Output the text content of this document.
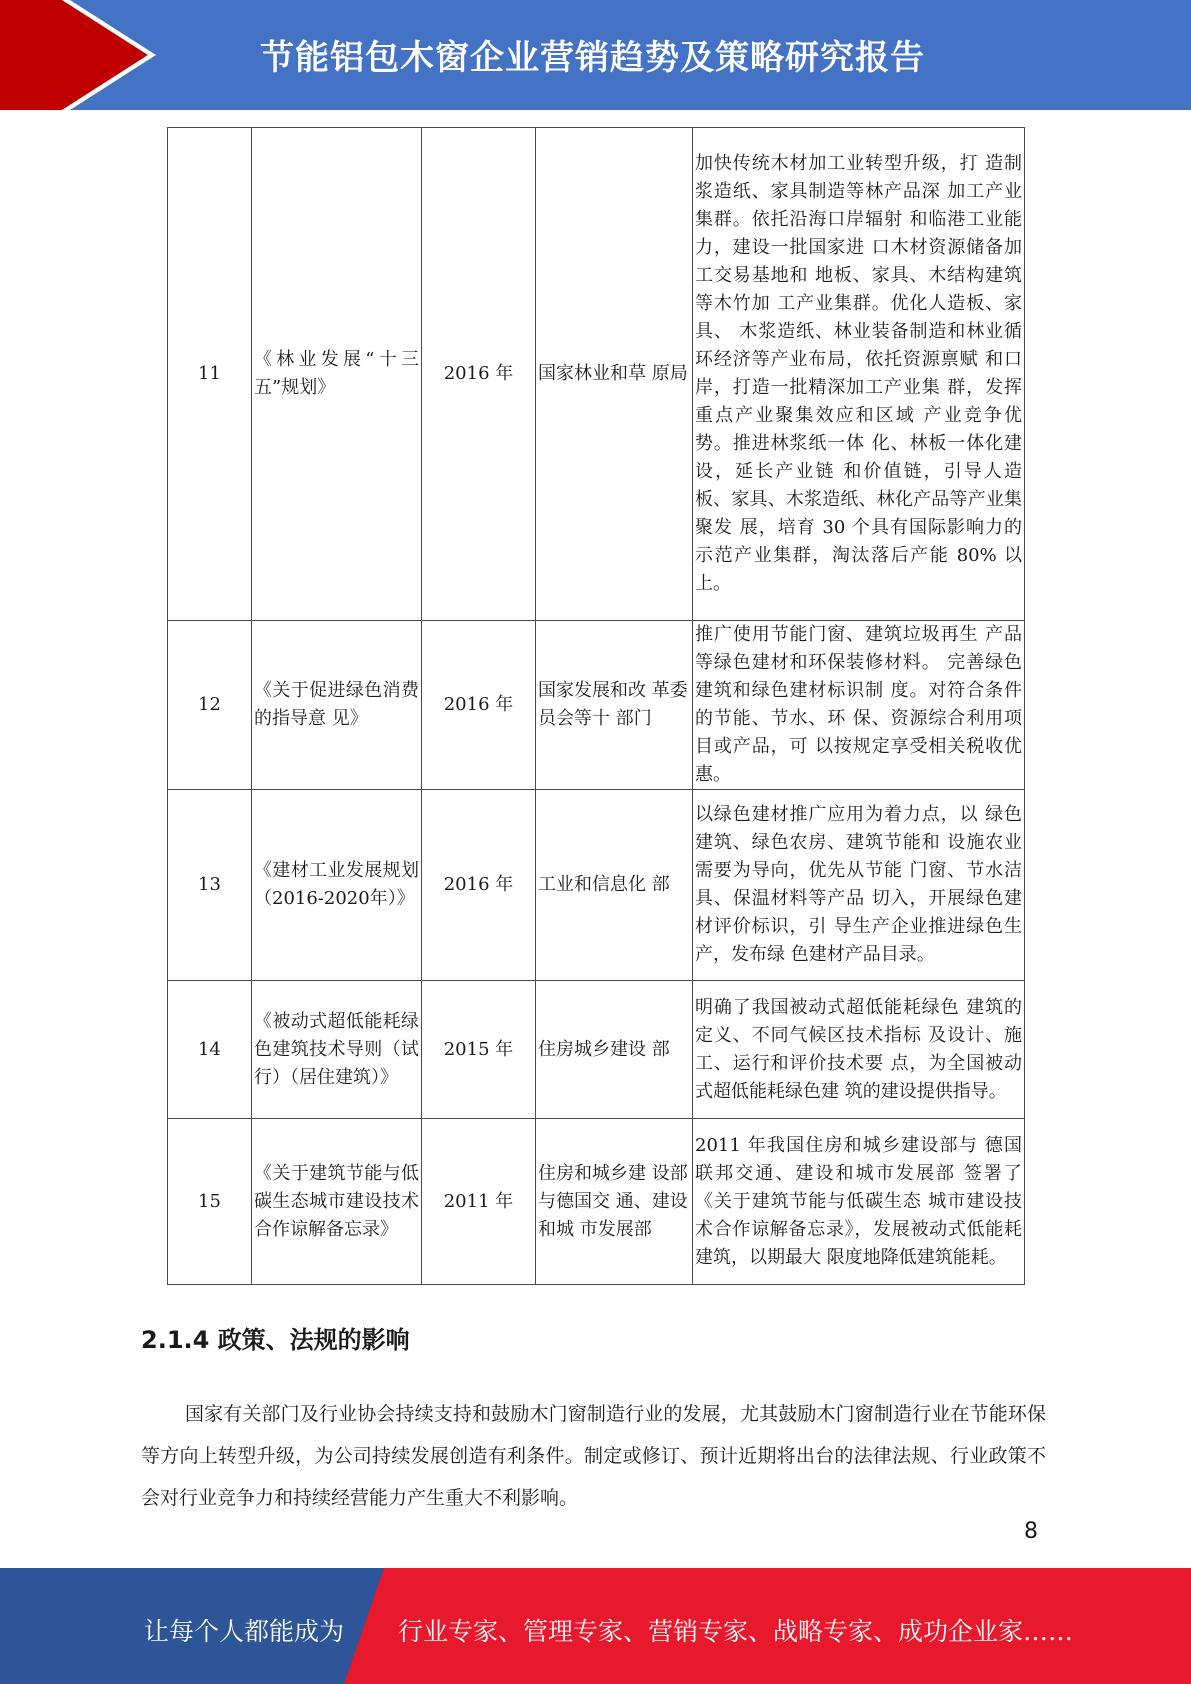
节能铝包木窗企业营销趋势及策略研究报告
11	《林业发展“十三五”规划》	2016 年	国家林业和草 原局	加快传统木材加工业转型升级，打 造制浆造纸、家具制造等林产品深 加工产业集群。依托沿海口岸辐射 和临港工业能力，建设一批国家进 口木材资源储备加工交易基地和 地板、家具、木结构建筑等木竹加 工产业集群。优化人造板、家具、 木浆造纸、林业装备制造和林业循 环经济等产业布局，依托资源禀赋 和口岸，打造一批精深加工产业集 群，发挥重点产业聚集效应和区域 产业竞争优势。推进林浆纸一体 化、林板一体化建设，延长产业链 和价值链，引导人造板、家具、木浆造纸、林化产品等产业集聚发 展，培育 30 个具有国际影响力的 示范产业集群，淘汰落后产能 80% 以上。
12	《关于促进绿色消费的指导意 见》	2016 年	国家发展和改 革委员会等十 部门	推广使用节能门窗、建筑垃圾再生 产品等绿色建材和环保装修材料。 完善绿色建筑和绿色建材标识制 度。对符合条件的节能、节水、环 保、资源综合利用项目或产品，可 以按规定享受相关税收优惠。
13	《建材工业发展规划（2016-2020年）》	2016 年	工业和信息化 部	以绿色建材推广应用为着力点，以 绿色建筑、绿色农房、建筑节能和 设施农业需要为导向，优先从节能 门窗、节水洁具、保温材料等产品 切入，开展绿色建材评价标识，引 导生产企业推进绿色生产，发布绿 色建材产品目录。
14	《被动式超低能耗绿色建筑技术导则（试行）（居住建筑）》	2015 年	住房城乡建设 部	明确了我国被动式超低能耗绿色 建筑的定义、不同气候区技术指标 及设计、施工、运行和评价技术要 点，为全国被动式超低能耗绿色建 筑的建设提供指导。
15	《关于建筑节能与低碳生态城市建设技术合作谅解备忘录》	2011 年	住房和城乡建 设部与德国交 通、建设和城 市发展部	2011 年我国住房和城乡建设部与 德国联邦交通、建设和城市发展部 签署了《关于建筑节能与低碳生态 城市建设技术合作谅解备忘录》，发展被动式低能耗建筑，以期最大 限度地降低建筑能耗。
2.1.4 政策、法规的影响
国家有关部门及行业协会持续支持和鼓励木门窗制造行业的发展，尤其鼓励木门窗制造行业在节能环保等方向上转型升级，为公司持续发展创造有利条件。制定或修订、预计近期将出台的法律法规、行业政策不会对行业竞争力和持续经营能力产生重大不利影响。
8
让每个人都能成为 行业专家、管理专家、营销专家、战略专家、成功企业家……
